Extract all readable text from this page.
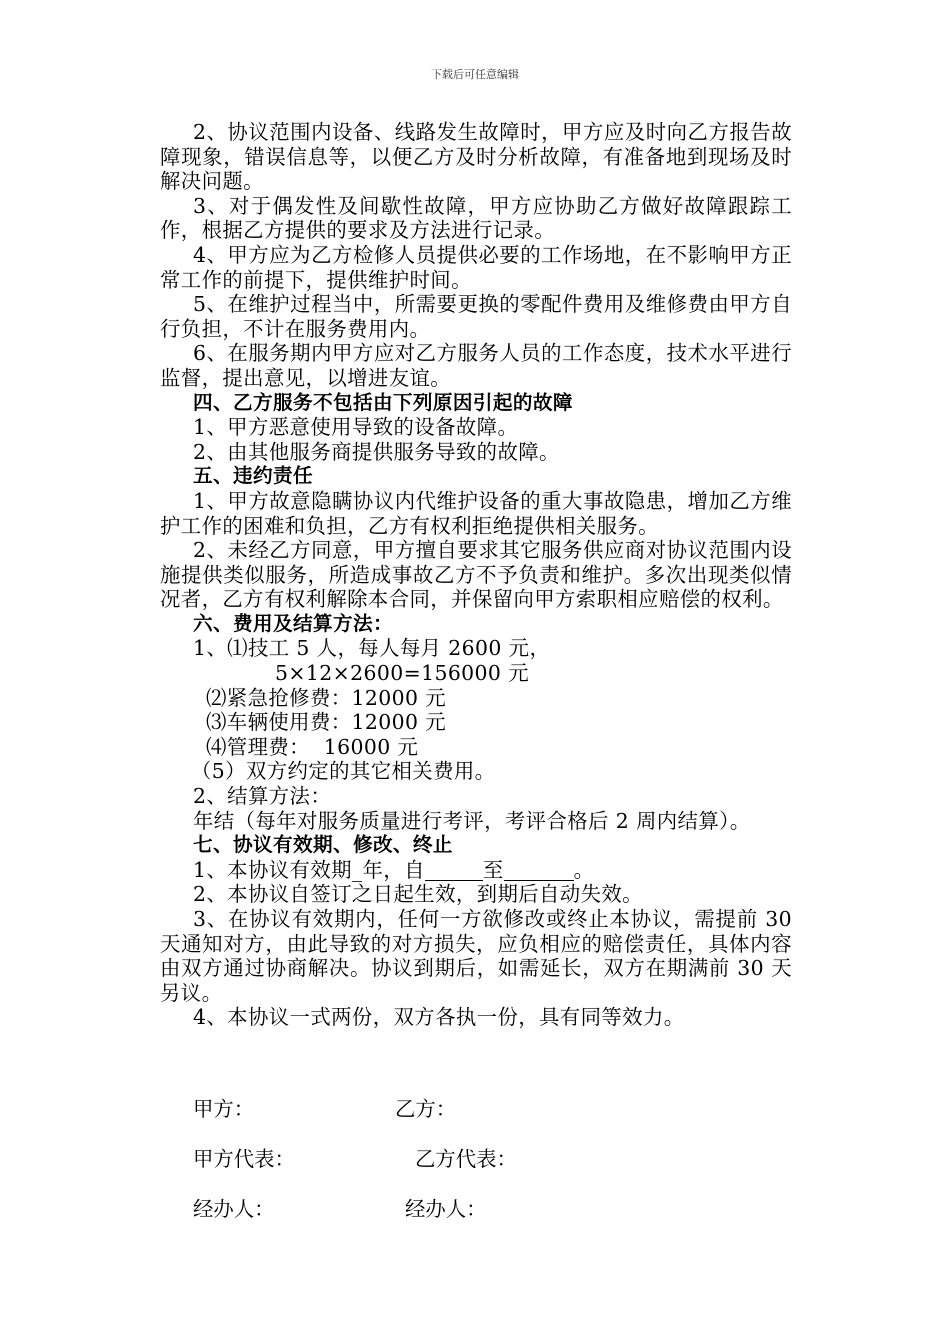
下载后可任意编辑

2、协议范围内设备、线路发生故障时，甲方应及时向乙方报告故障现象，错误信息等，以便乙方及时分析故障，有准备地到现场及时解决问题。

3、对于偶发性及间歇性故障，甲方应协助乙方做好故障跟踪工作，根据乙方提供的要求及方法进行记录。

4、甲方应为乙方检修人员提供必要的工作场地，在不影响甲方正常工作的前提下，提供维护时间。

5、在维护过程当中，所需要更换的零配件费用及维修费由甲方自行负担，不计在服务费用内。

6、在服务期内甲方应对乙方服务人员的工作态度，技术水平进行监督，提出意见，以增进友谊。

四、乙方服务不包括由下列原因引起的故障

1、甲方恶意使用导致的设备故障。

2、由其他服务商提供服务导致的故障。

五、违约责任

1、甲方故意隐瞒协议内代维护设备的重大事故隐患，增加乙方维护工作的困难和负担，乙方有权利拒绝提供相关服务。

2、未经乙方同意，甲方擅自要求其它服务供应商对协议范围内设施提供类似服务，所造成事故乙方不予负责和维护。多次出现类似情况者，乙方有权利解除本合同，并保留向甲方索职相应赔偿的权利。

六、费用及结算方法：

1、⑴技工 5 人，每人每月 2600 元，

5×12×2600=156000 元

⑵紧急抢修费：12000 元

⑶车辆使用费：12000 元

⑷管理费：  16000 元

（5）双方约定的其它相关费用。

2、结算方法：

年结（每年对服务质量进行考评，考评合格后 2 周内结算）。

七、协议有效期、修改、终止

1、本协议有效期_年，自	至	。

2、本协议自签订之日起生效，到期后自动失效。

3、在协议有效期内，任何一方欲修改或终止本协议，需提前 30 天通知对方，由此导致的对方损失，应负相应的赔偿责任，具体内容由双方通过协商解决。协议到期后，如需延长，双方在期满前 30 天另议。

4、本协议一式两份，双方各执一份，具有同等效力。

甲方：	乙方：
甲方代表：	乙方代表：
经办人：	经办人：
